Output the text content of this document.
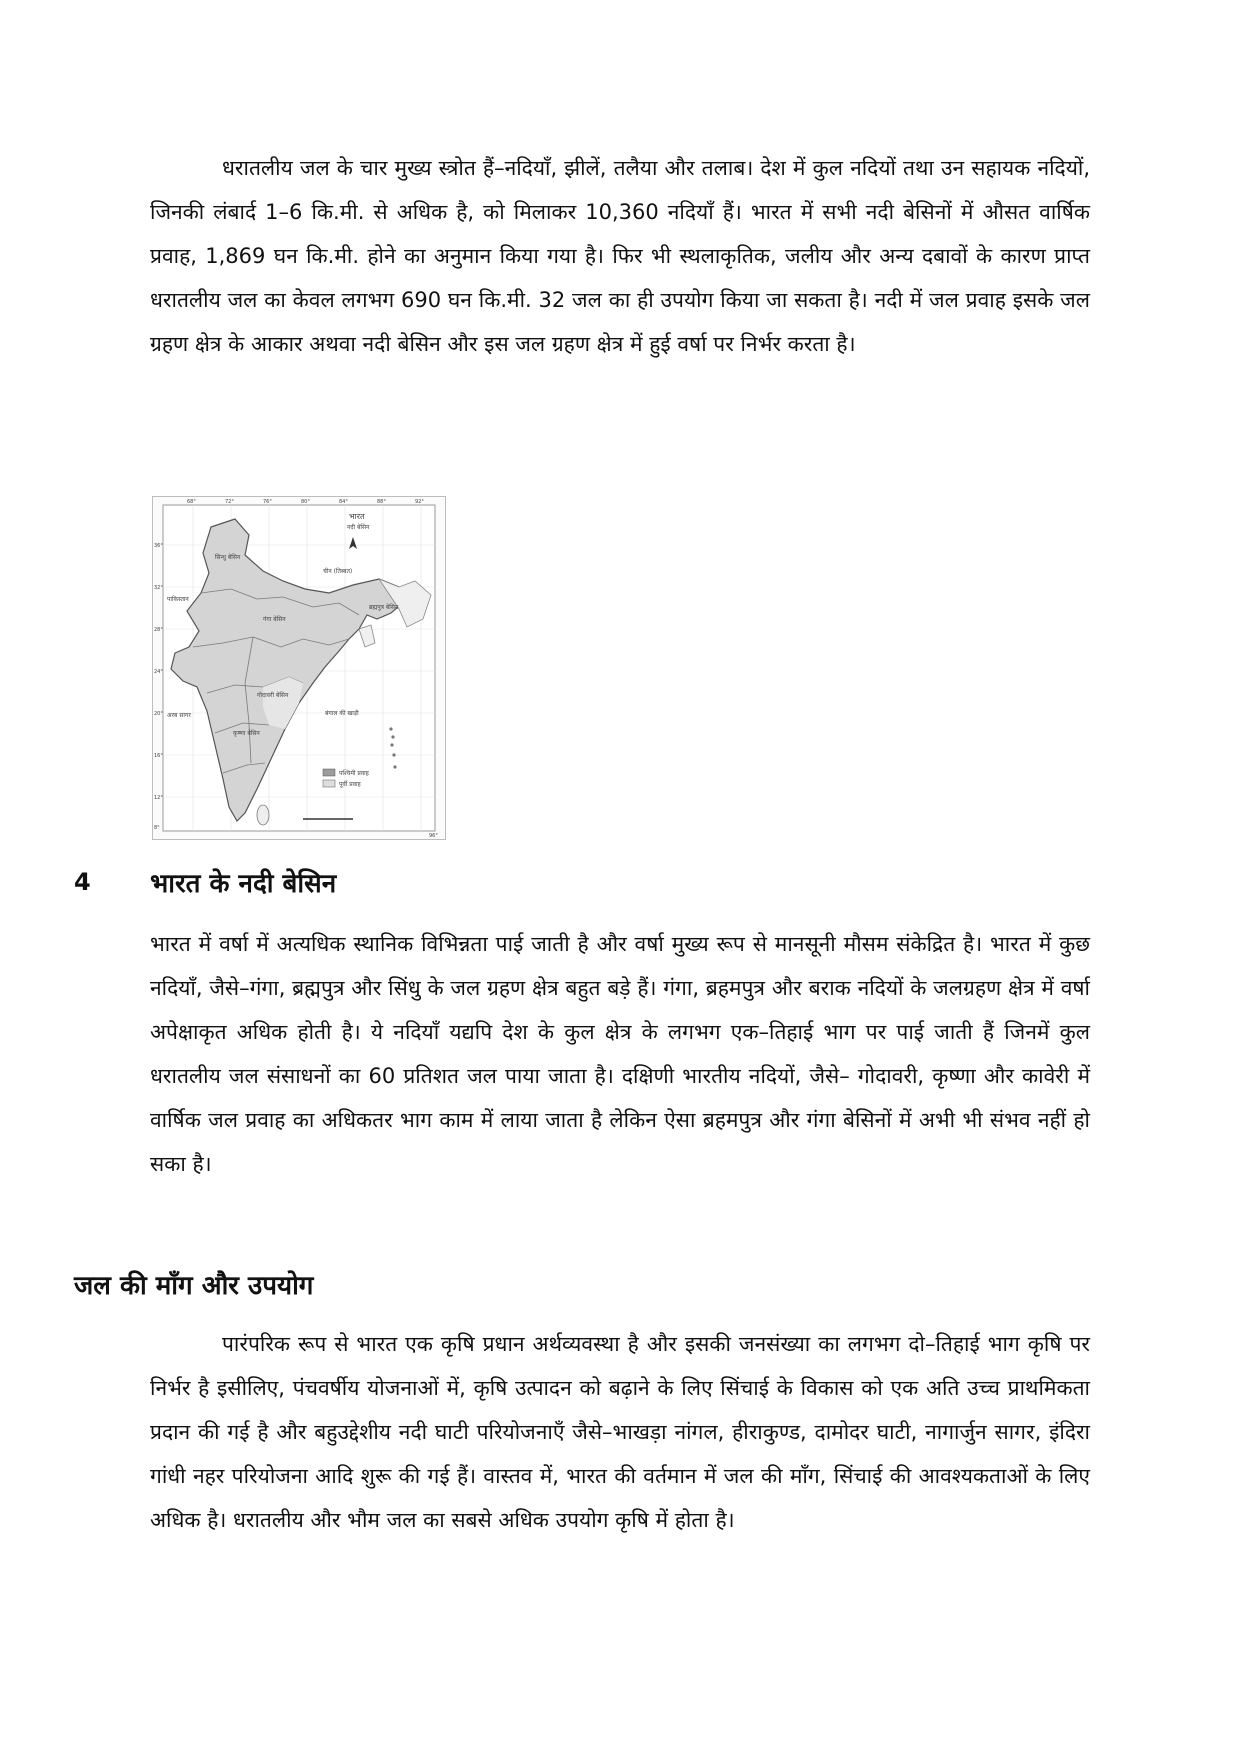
धरातलीय जल के चार मुख्य स्त्रोत हैं–नदियाँ, झीलें, तलैया और तलाब। देश में कुल नदियों तथा उन सहायक नदियों, जिनकी लंबार्द 1–6 कि.मी. से अधिक है, को मिलाकर 10,360 नदियाँ हैं। भारत में सभी नदी बेसिनों में औसत वार्षिक प्रवाह, 1,869 घन कि.मी. होने का अनुमान किया गया है। फिर भी स्थलाकृतिक, जलीय और अन्य दबावों के कारण प्राप्त धरातलीय जल का केवल लगभग 690 घन कि.मी. 32 जल का ही उपयोग किया जा सकता है। नदी में जल प्रवाह इसके जल ग्रहण क्षेत्र के आकार अथवा नदी बेसिन और इस जल ग्रहण क्षेत्र में हुई वर्षा पर निर्भर करता है।

भारत
नदी बेसिन
सिन्धु बेसिन
गंगा बेसिन
ब्रह्मपुत्र बेसिन
चीन (तिब्बत)
पाकिस्तान
गोदावरी बेसिन
कृष्णा बेसिन
बंगाल की खाड़ी
अरब सागर
पश्चिमी प्रवाह
पूर्वी प्रवाह
36°
32°
28°
24°
20°
16°
12°
8°
68°	72°	76°	80°	84°	88°	92°
96°

4 भारत के नदी बेसिन

भारत में वर्षा में अत्यधिक स्थानिक विभिन्नता पाई जाती है और वर्षा मुख्य रूप से मानसूनी मौसम संकेद्रित है। भारत में कुछ नदियाँ, जैसे–गंगा, ब्रह्मपुत्र और सिंधु के जल ग्रहण क्षेत्र बहुत बड़े हैं। गंगा, ब्रहमपुत्र और बराक नदियों के जलग्रहण क्षेत्र में वर्षा अपेक्षाकृत अधिक होती है। ये नदियाँ यद्यपि देश के कुल क्षेत्र के लगभग एक–तिहाई भाग पर पाई जाती हैं जिनमें कुल धरातलीय जल संसाधनों का 60 प्रतिशत जल पाया जाता है। दक्षिणी भारतीय नदियों, जैसे– गोदावरी, कृष्णा और कावेरी में वार्षिक जल प्रवाह का अधिकतर भाग काम में लाया जाता है लेकिन ऐसा ब्रहमपुत्र और गंगा बेसिनों में अभी भी संभव नहीं हो सका है।

जल की माँग और उपयोग

पारंपरिक रूप से भारत एक कृषि प्रधान अर्थव्यवस्था है और इसकी जनसंख्या का लगभग दो–तिहाई भाग कृषि पर निर्भर है इसीलिए, पंचवर्षीय योजनाओं में, कृषि उत्पादन को बढ़ाने के लिए सिंचाई के विकास को एक अति उच्च प्राथमिकता प्रदान की गई है और बहुउद्देशीय नदी घाटी परियोजनाएँ जैसे–भाखड़ा नांगल, हीराकुण्ड, दामोदर घाटी, नागार्जुन सागर, इंदिरा गांधी नहर परियोजना आदि शुरू की गई हैं। वास्तव में, भारत की वर्तमान में जल की माँग, सिंचाई की आवश्यकताओं के लिए अधिक है। धरातलीय और भौम जल का सबसे अधिक उपयोग कृषि में होता है।
